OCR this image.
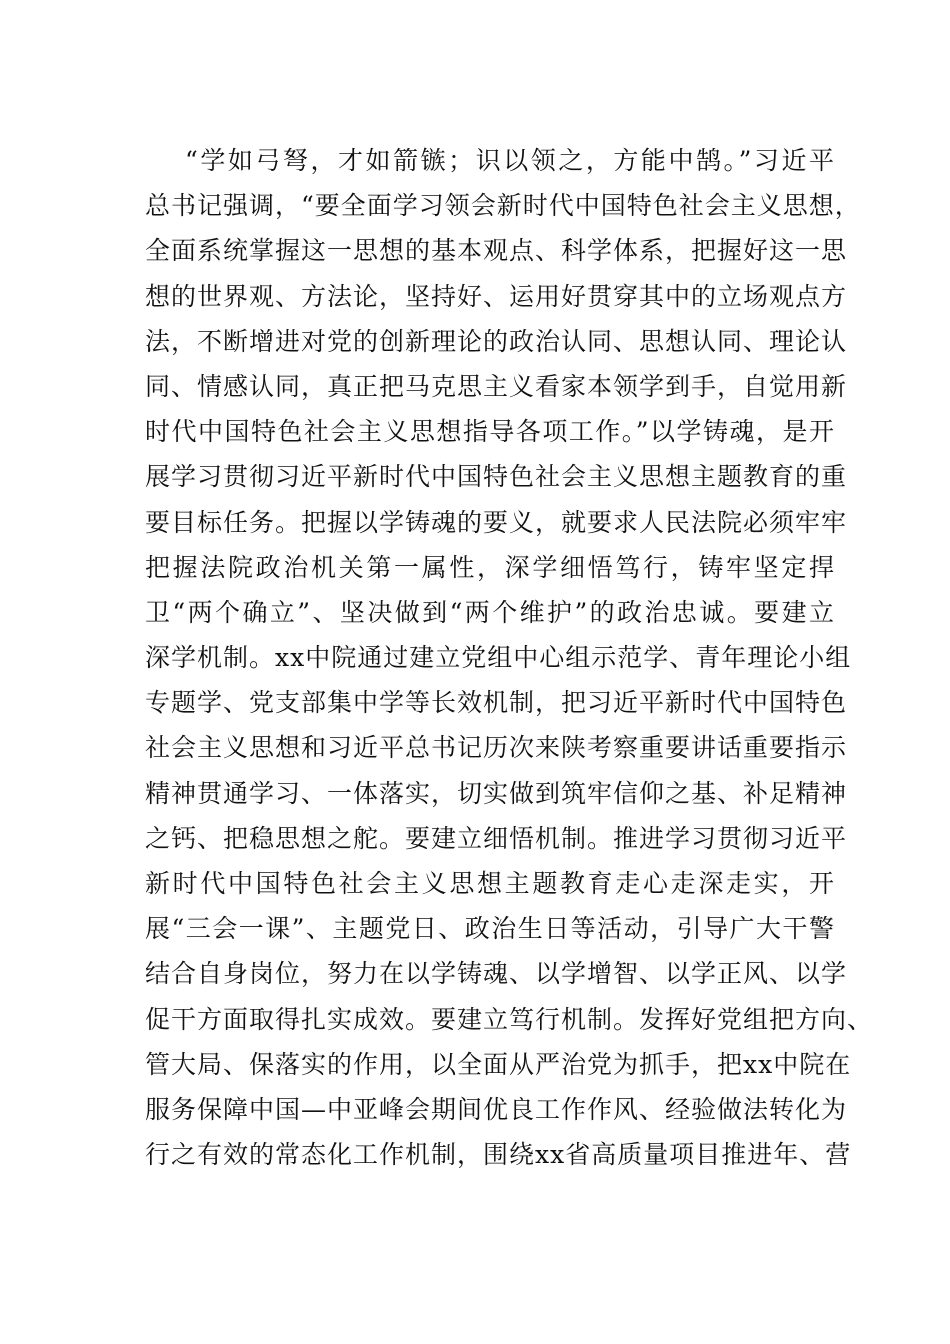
“学如弓弩，才如箭镞；识以领之，方能中鹄。”习近平
总书记强调，“要全面学习领会新时代中国特色社会主义思想，
全面系统掌握这一思想的基本观点、科学体系，把握好这一思
想的世界观、方法论，坚持好、运用好贯穿其中的立场观点方
法，不断增进对党的创新理论的政治认同、思想认同、理论认
同、情感认同，真正把马克思主义看家本领学到手，自觉用新
时代中国特色社会主义思想指导各项工作。”以学铸魂，是开
展学习贯彻习近平新时代中国特色社会主义思想主题教育的重
要目标任务。把握以学铸魂的要义，就要求人民法院必须牢牢
把握法院政治机关第一属性，深学细悟笃行，铸牢坚定捍
卫“两个确立”、坚决做到“两个维护”的政治忠诚。要建立
深学机制。xx中院通过建立党组中心组示范学、青年理论小组
专题学、党支部集中学等长效机制，把习近平新时代中国特色
社会主义思想和习近平总书记历次来陕考察重要讲话重要指示
精神贯通学习、一体落实，切实做到筑牢信仰之基、补足精神
之钙、把稳思想之舵。要建立细悟机制。推进学习贯彻习近平
新时代中国特色社会主义思想主题教育走心走深走实，开
展“三会一课”、主题党日、政治生日等活动，引导广大干警
结合自身岗位，努力在以学铸魂、以学增智、以学正风、以学
促干方面取得扎实成效。要建立笃行机制。发挥好党组把方向、
管大局、保落实的作用，以全面从严治党为抓手，把xx中院在
服务保障中国—中亚峰会期间优良工作作风、经验做法转化为
行之有效的常态化工作机制，围绕xx省高质量项目推进年、营
